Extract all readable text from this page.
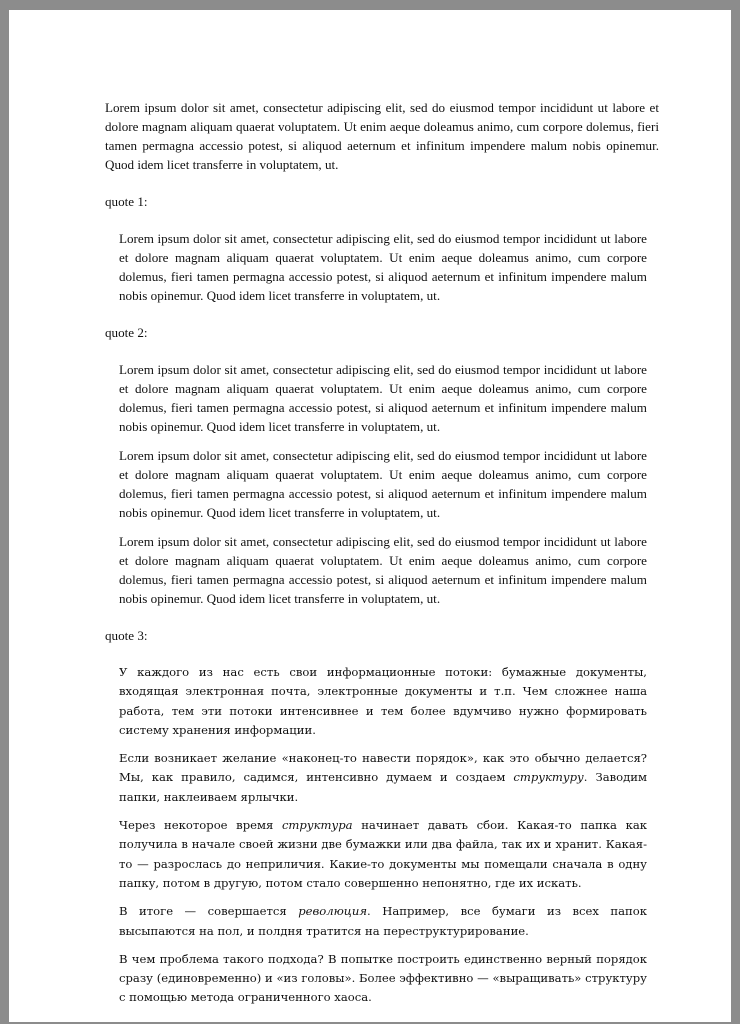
Lorem ipsum dolor sit amet, consectetur adipiscing elit, sed do eiusmod tempor incididunt ut labore et dolore magnam aliquam quaerat voluptatem. Ut enim aeque doleamus animo, cum corpore dolemus, fieri tamen permagna accessio potest, si aliquod aeternum et infinitum impendere malum nobis opinemur. Quod idem licet transferre in voluptatem, ut.

quote 1:

Lorem ipsum dolor sit amet, consectetur adipiscing elit, sed do eiusmod tempor incididunt ut labore et dolore magnam aliquam quaerat voluptatem. Ut enim aeque doleamus animo, cum corpore dolemus, fieri tamen permagna accessio potest, si aliquod aeternum et infinitum impendere malum nobis opinemur. Quod idem licet transferre in voluptatem, ut.

quote 2:

Lorem ipsum dolor sit amet, consectetur adipiscing elit, sed do eiusmod tempor incididunt ut labore et dolore magnam aliquam quaerat voluptatem. Ut enim aeque doleamus animo, cum corpore dolemus, fieri tamen permagna accessio potest, si aliquod aeternum et infinitum impendere malum nobis opinemur. Quod idem licet transferre in voluptatem, ut.

Lorem ipsum dolor sit amet, consectetur adipiscing elit, sed do eiusmod tempor incididunt ut labore et dolore magnam aliquam quaerat voluptatem. Ut enim aeque doleamus animo, cum corpore dolemus, fieri tamen permagna accessio potest, si aliquod aeternum et infinitum impendere malum nobis opinemur. Quod idem licet transferre in voluptatem, ut.

Lorem ipsum dolor sit amet, consectetur adipiscing elit, sed do eiusmod tempor incididunt ut labore et dolore magnam aliquam quaerat voluptatem. Ut enim aeque doleamus animo, cum corpore dolemus, fieri tamen permagna accessio potest, si aliquod aeternum et infinitum impendere malum nobis opinemur. Quod idem licet transferre in voluptatem, ut.

quote 3:

У каждого из нас есть свои информационные потоки: бумажные документы, входящая электронная почта, электронные документы и т.п. Чем сложнее наша работа, тем эти потоки интенсивнее и тем более вдумчиво нужно формировать систему хранения информации.

Если возникает желание «наконец-то навести порядок», как это обычно делается? Мы, как правило, садимся, интенсивно думаем и создаем структуру. Заводим папки, наклеиваем ярлычки.

Через некоторое время структура начинает давать сбои. Какая-то папка как получила в начале своей жизни две бумажки или два файла, так их и хранит. Какая-то — разрослась до неприличия. Какие-то документы мы помещали сначала в одну папку, потом в другую, потом стало совершенно непонятно, где их искать.

В итоге — совершается революция. Например, все бумаги из всех папок высыпаются на пол, и полдня тратится на переструктурирование.

В чем проблема такого подхода? В попытке построить единственно верный порядок сразу (единовременно) и «из головы». Более эффективно — «выращивать» структуру с помощью метода ограниченного хаоса.
